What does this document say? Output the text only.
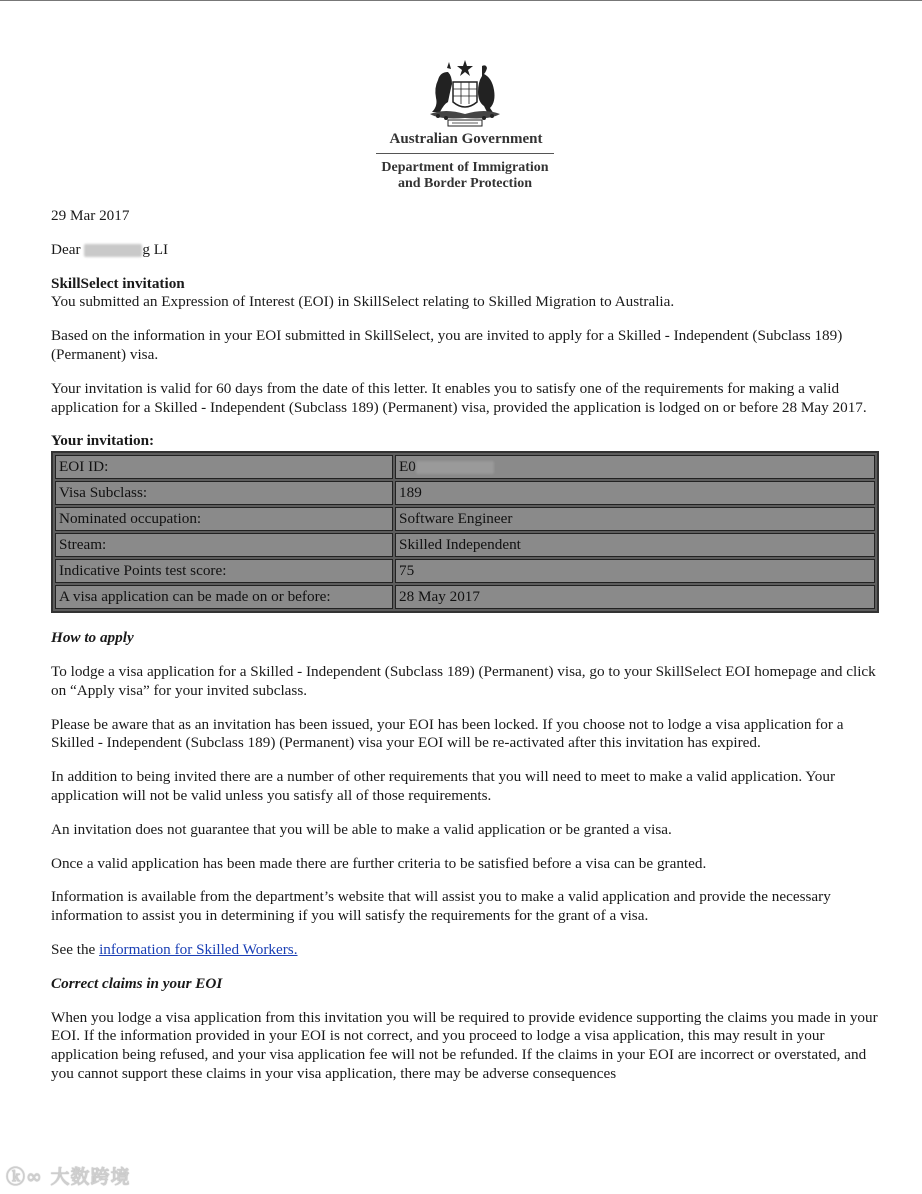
Australian Government
Department of Immigration
and Border Protection

29 Mar 2017

Dear	g LI

SkillSelect invitation

You submitted an Expression of Interest (EOI) in SkillSelect relating to Skilled Migration to Australia.

Based on the information in your EOI submitted in SkillSelect, you are invited to apply for a Skilled - Independent (Subclass 189) (Permanent) visa.

Your invitation is valid for 60 days from the date of this letter. It enables you to satisfy one of the requirements for making a valid application for a Skilled - Independent (Subclass 189) (Permanent) visa, provided the application is lodged on or before 28 May 2017.

Your invitation:

EOI ID:	E0
Visa Subclass:	189
Nominated occupation:	Software Engineer
Stream:	Skilled Independent
Indicative Points test score:	75
A visa application can be made on or before:	28 May 2017

How to apply

To lodge a visa application for a Skilled - Independent (Subclass 189) (Permanent) visa, go to your SkillSelect EOI homepage and click on “Apply visa” for your invited subclass.

Please be aware that as an invitation has been issued, your EOI has been locked. If you choose not to lodge a visa application for a Skilled - Independent (Subclass 189) (Permanent) visa your EOI will be re-activated after this invitation has expired.

In addition to being invited there are a number of other requirements that you will need to meet to make a valid application. Your application will not be valid unless you satisfy all of those requirements.

An invitation does not guarantee that you will be able to make a valid application or be granted a visa.

Once a valid application has been made there are further criteria to be satisfied before a visa can be granted.

Information is available from the department’s website that will assist you to make a valid application and provide the necessary information to assist you in determining if you will satisfy the requirements for the grant of a visa.

See the information for Skilled Workers.

Correct claims in your EOI

When you lodge a visa application from this invitation you will be required to provide evidence supporting the claims you made in your EOI. If the information provided in your EOI is not correct, and you proceed to lodge a visa application, this may result in your application being refused, and your visa application fee will not be refunded. If the claims in your EOI are incorrect or overstated, and you cannot support these claims in your visa application, there may be adverse consequences

ⓚ∞ 大数跨境
